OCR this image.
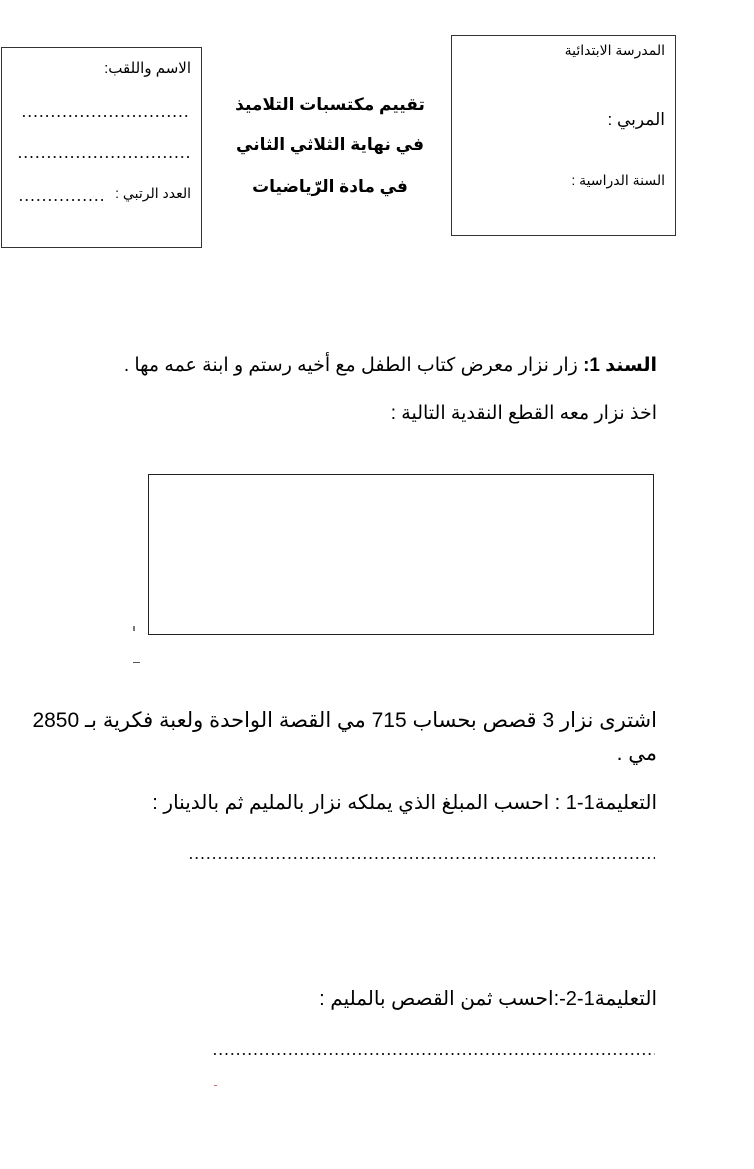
الاسم واللقب:
العدد الرتبي :
تقييم مكتسبات التلاميذ
في نهاية الثلاثي الثاني
في مادة الرّياضيات
المدرسة الابتدائية
المربي :
السنة الدراسية :
السند 1: زار نزار معرض كتاب الطفل مع أخيه رستم و ابنة عمه مها .
اخذ نزار معه القطع النقدية التالية :
اشترى نزار 3 قصص بحساب 715 مي القصة الواحدة ولعبة فكرية بـ 2850
مي .
التعليمة1-1 : احسب المبلغ الذي يملكه نزار بالمليم ثم بالدينار :
التعليمة1-2-:احسب ثمن القصص بالمليم :
